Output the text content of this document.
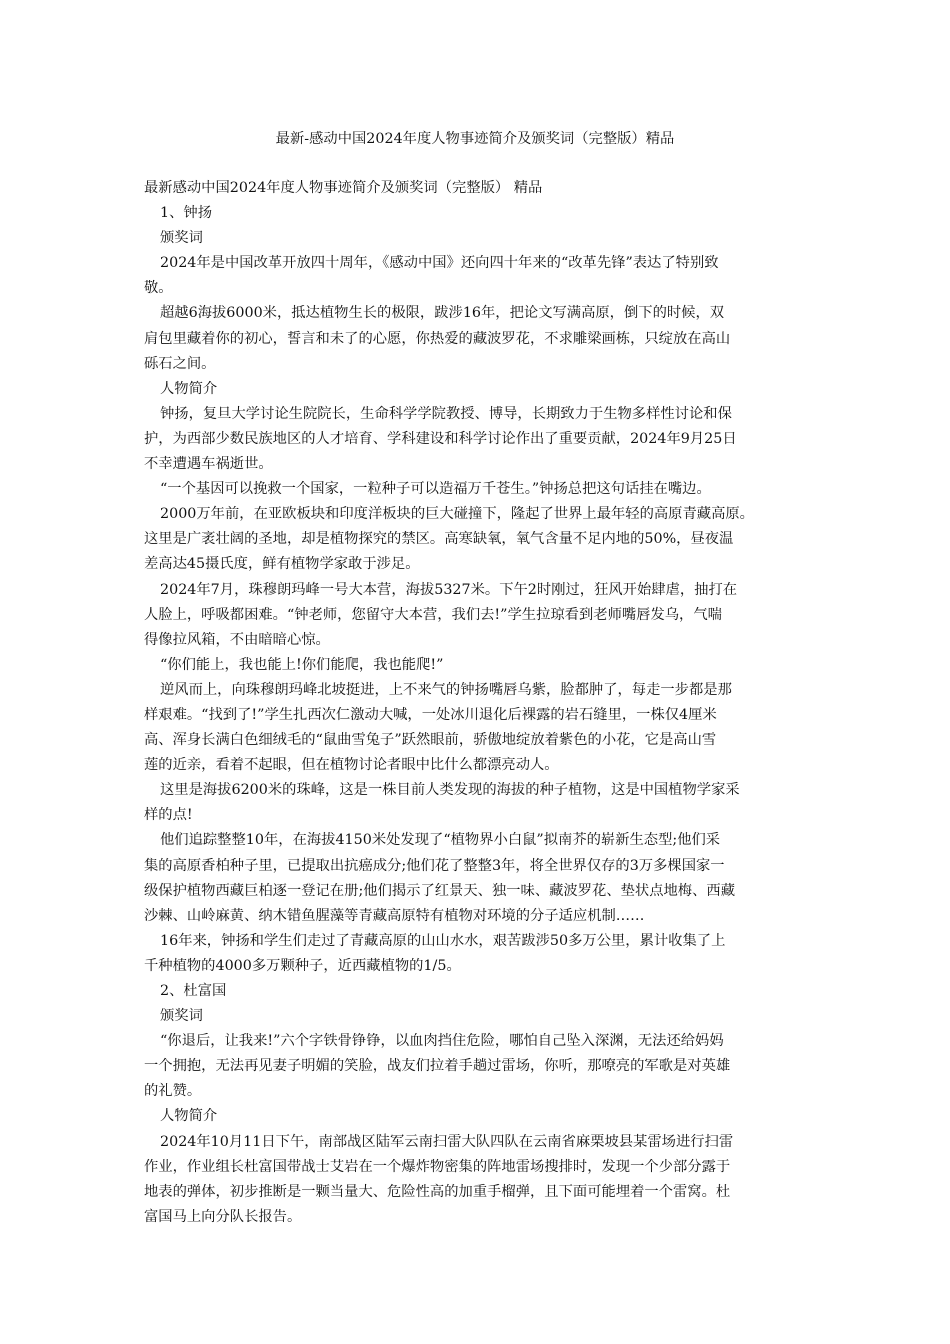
最新-感动中国2024年度人物事迹简介及颁奖词（完整版）精品

最新感动中国2024年度人物事迹简介及颁奖词（完整版） 精品

1、钟扬

颁奖词

2024年是中国改革开放四十周年，《感动中国》还向四十年来的“改革先锋”表达了特别致

敬。

超越6海拔6000米，抵达植物生长的极限，跋涉16年，把论文写满高原，倒下的时候，双

肩包里藏着你的初心，誓言和未了的心愿，你热爱的藏波罗花，不求雕梁画栋，只绽放在高山

砾石之间。

人物简介

钟扬，复旦大学讨论生院院长，生命科学学院教授、博导，长期致力于生物多样性讨论和保

护，为西部少数民族地区的人才培育、学科建设和科学讨论作出了重要贡献，2024年9月25日

不幸遭遇车祸逝世。

“一个基因可以挽救一个国家，一粒种子可以造福万千苍生。”钟扬总把这句话挂在嘴边。

2000万年前，在亚欧板块和印度洋板块的巨大碰撞下，隆起了世界上最年轻的高原青藏高原。

这里是广袤壮阔的圣地，却是植物探究的禁区。高寒缺氧，氧气含量不足内地的50%，昼夜温

差高达45摄氏度，鲜有植物学家敢于涉足。

2024年7月，珠穆朗玛峰一号大本营，海拔5327米。下午2时刚过，狂风开始肆虐，抽打在

人脸上，呼吸都困难。“钟老师，您留守大本营，我们去!”学生拉琼看到老师嘴唇发乌，气喘

得像拉风箱，不由暗暗心惊。

“你们能上，我也能上!你们能爬，我也能爬!”

逆风而上，向珠穆朗玛峰北坡挺进，上不来气的钟扬嘴唇乌紫，脸都肿了，每走一步都是那

样艰难。“找到了!”学生扎西次仁激动大喊，一处冰川退化后裸露的岩石缝里，一株仅4厘米

高、浑身长满白色细绒毛的“鼠曲雪兔子”跃然眼前，骄傲地绽放着紫色的小花，它是高山雪

莲的近亲，看着不起眼，但在植物讨论者眼中比什么都漂亮动人。

这里是海拔6200米的珠峰，这是一株目前人类发现的海拔的种子植物，这是中国植物学家采

样的点!

他们追踪整整10年，在海拔4150米处发现了“植物界小白鼠”拟南芥的崭新生态型;他们采

集的高原香柏种子里，已提取出抗癌成分;他们花了整整3年，将全世界仅存的3万多棵国家一

级保护植物西藏巨柏逐一登记在册;他们揭示了红景天、独一味、藏波罗花、垫状点地梅、西藏

沙棘、山岭麻黄、纳木错鱼腥藻等青藏高原特有植物对环境的分子适应机制……

16年来，钟扬和学生们走过了青藏高原的山山水水，艰苦跋涉50多万公里，累计收集了上

千种植物的4000多万颗种子，近西藏植物的1/5。

2、杜富国

颁奖词

“你退后，让我来!”六个字铁骨铮铮，以血肉挡住危险，哪怕自己坠入深渊，无法还给妈妈

一个拥抱，无法再见妻子明媚的笑脸，战友们拉着手趟过雷场，你听，那嘹亮的军歌是对英雄

的礼赞。

人物简介

2024年10月11日下午，南部战区陆军云南扫雷大队四队在云南省麻栗坡县某雷场进行扫雷

作业，作业组长杜富国带战士艾岩在一个爆炸物密集的阵地雷场搜排时，发现一个少部分露于

地表的弹体，初步推断是一颗当量大、危险性高的加重手榴弹，且下面可能埋着一个雷窝。杜

富国马上向分队长报告。
